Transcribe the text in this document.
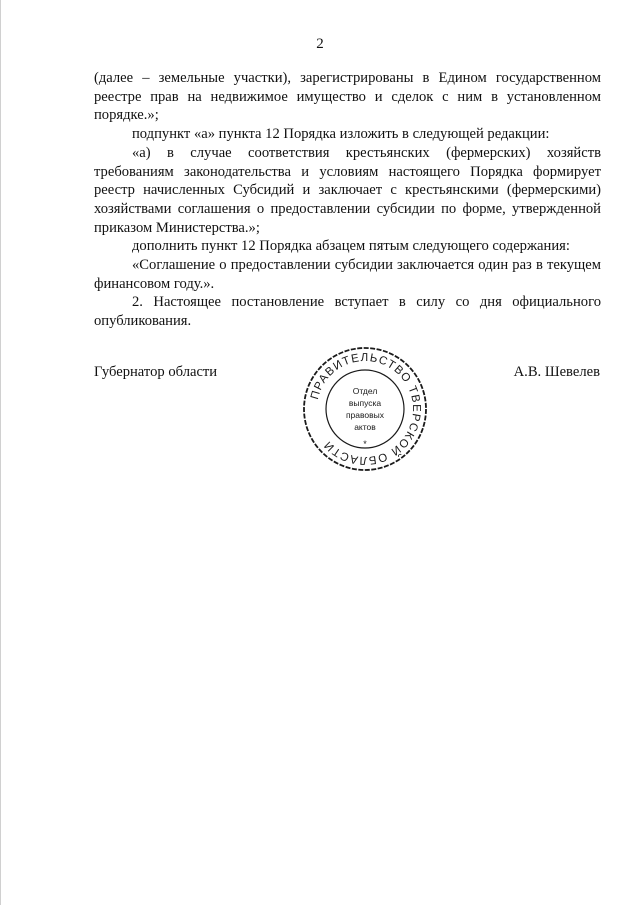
2

(далее – земельные участки), зарегистрированы в Едином государственном реестре прав на недвижимое имущество и сделок с ним в установленном порядке.»;

подпункт «а» пункта 12 Порядка изложить в следующей редакции:

«а) в случае соответствия крестьянских (фермерских) хозяйств требованиям законодательства и условиям настоящего Порядка формирует реестр начисленных Субсидий и заключает с крестьянскими (фермерскими) хозяйствами соглашения о предоставлении субсидии по форме, утвержденной приказом Министерства.»;

дополнить пункт 12 Порядка абзацем пятым следующего содержания:

«Соглашение о предоставлении субсидии заключается один раз в текущем финансовом году.».

2. Настоящее постановление вступает в силу со дня официального опубликования.

Губернатор области	А.В. Шевелев
ПРАВИТЕЛЬСТВО ТВЕРСКОЙ ОБЛАСТИ
Отдел
выпуска
правовых
актов
*
